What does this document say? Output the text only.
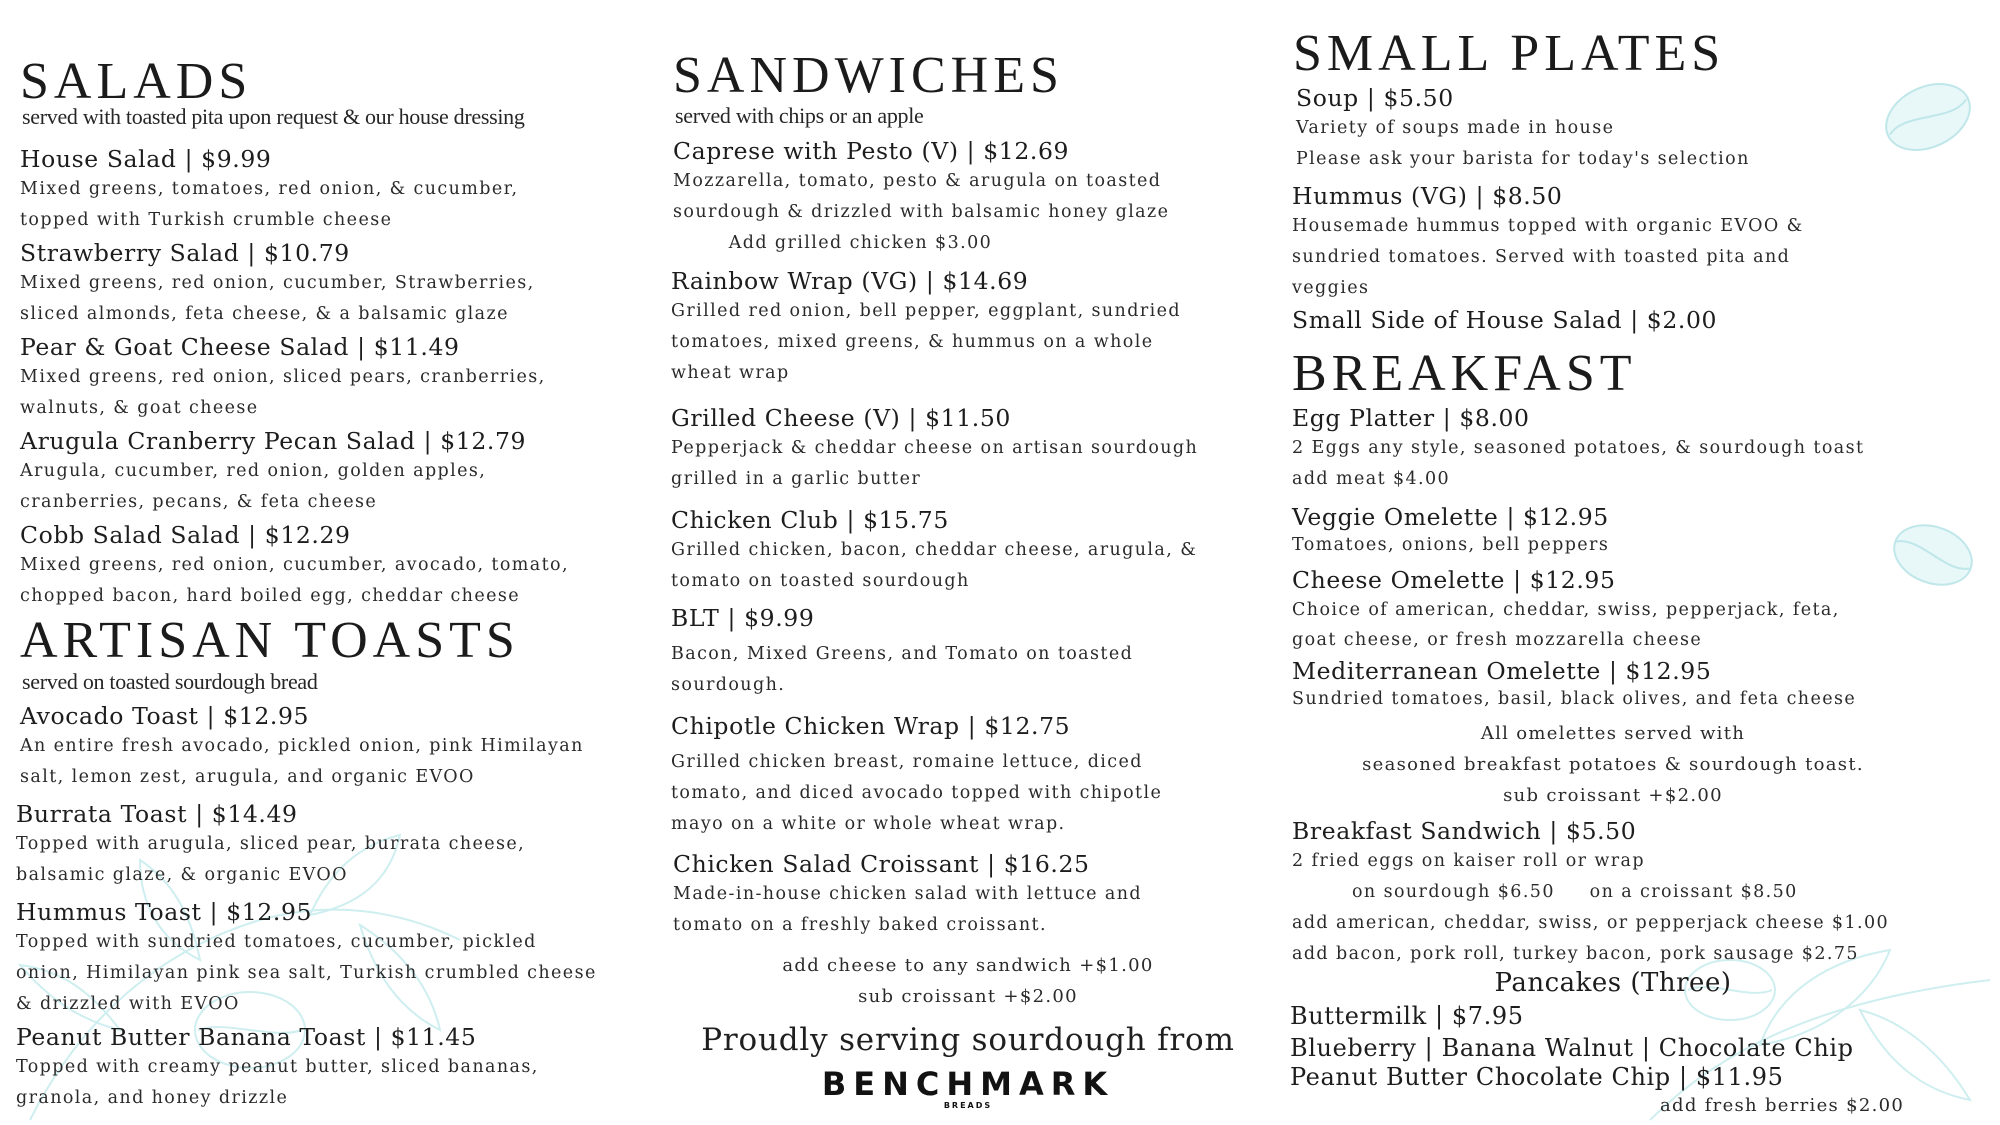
SALADS
served with toasted pita upon request & our house dressing
House Salad | $9.99
Mixed greens, tomatoes, red onion, & cucumber,
topped with Turkish crumble cheese
Strawberry Salad | $10.79
Mixed greens, red onion, cucumber, Strawberries,
sliced almonds, feta cheese, & a balsamic glaze
Pear & Goat Cheese Salad | $11.49
Mixed greens, red onion, sliced pears, cranberries,
walnuts, & goat cheese
Arugula Cranberry Pecan Salad | $12.79
Arugula, cucumber, red onion, golden apples,
cranberries, pecans, & feta cheese
Cobb Salad Salad | $12.29
Mixed greens, red onion, cucumber, avocado, tomato,
chopped bacon, hard boiled egg, cheddar cheese
ARTISAN TOASTS
served on toasted sourdough bread
Avocado Toast | $12.95
An entire fresh avocado, pickled onion, pink Himilayan
salt, lemon zest, arugula, and organic EVOO
Burrata Toast | $14.49
Topped with arugula, sliced pear, burrata cheese,
balsamic glaze, & organic EVOO
Hummus Toast | $12.95
Topped with sundried tomatoes, cucumber, pickled
onion, Himilayan pink sea salt, Turkish crumbled cheese
& drizzled with EVOO
Peanut Butter Banana Toast | $11.45
Topped with creamy peanut butter, sliced bananas,
granola, and honey drizzle
SANDWICHES
served with chips or an apple
Caprese with Pesto (V) | $12.69
Mozzarella, tomato, pesto & arugula on toasted
sourdough & drizzled with balsamic honey glaze
Add grilled chicken $3.00
Rainbow Wrap (VG) | $14.69
Grilled red onion, bell pepper, eggplant, sundried
tomatoes, mixed greens, & hummus on a whole
wheat wrap
Grilled Cheese (V) | $11.50
Pepperjack & cheddar cheese on artisan sourdough
grilled in a garlic butter
Chicken Club | $15.75
Grilled chicken, bacon, cheddar cheese, arugula, &
tomato on toasted sourdough
BLT | $9.99
Bacon, Mixed Greens, and Tomato on toasted
sourdough.
Chipotle Chicken Wrap | $12.75
Grilled chicken breast, romaine lettuce, diced
tomato, and diced avocado topped with chipotle
mayo on a white or whole wheat wrap.
Chicken Salad Croissant | $16.25
Made-in-house chicken salad with lettuce and
tomato on a freshly baked croissant.
add cheese to any sandwich +$1.00
sub croissant +$2.00
Proudly serving sourdough from
BENCHMARK
BREADS
SMALL PLATES
Soup | $5.50
Variety of soups made in house
Please ask your barista for today's selection
Hummus (VG) | $8.50
Housemade hummus topped with organic EVOO &
sundried tomatoes. Served with toasted pita and
veggies
Small Side of House Salad | $2.00
BREAKFAST
Egg Platter | $8.00
2 Eggs any style, seasoned potatoes, & sourdough toast
add meat $4.00
Veggie Omelette | $12.95
Tomatoes, onions, bell peppers
Cheese Omelette | $12.95
Choice of american, cheddar, swiss, pepperjack, feta,
goat cheese, or fresh mozzarella cheese
Mediterranean Omelette | $12.95
Sundried tomatoes, basil, black olives, and feta cheese
All omelettes served with
seasoned breakfast potatoes & sourdough toast.
sub croissant +$2.00
Breakfast Sandwich | $5.50
2 fried eggs on kaiser roll or wrap
on sourdough $6.50     on a croissant $8.50
add american, cheddar, swiss, or pepperjack cheese $1.00
add bacon, pork roll, turkey bacon, pork sausage $2.75
Pancakes (Three)
Buttermilk | $7.95
Blueberry | Banana Walnut | Chocolate Chip
Peanut Butter Chocolate Chip | $11.95
add fresh berries $2.00
